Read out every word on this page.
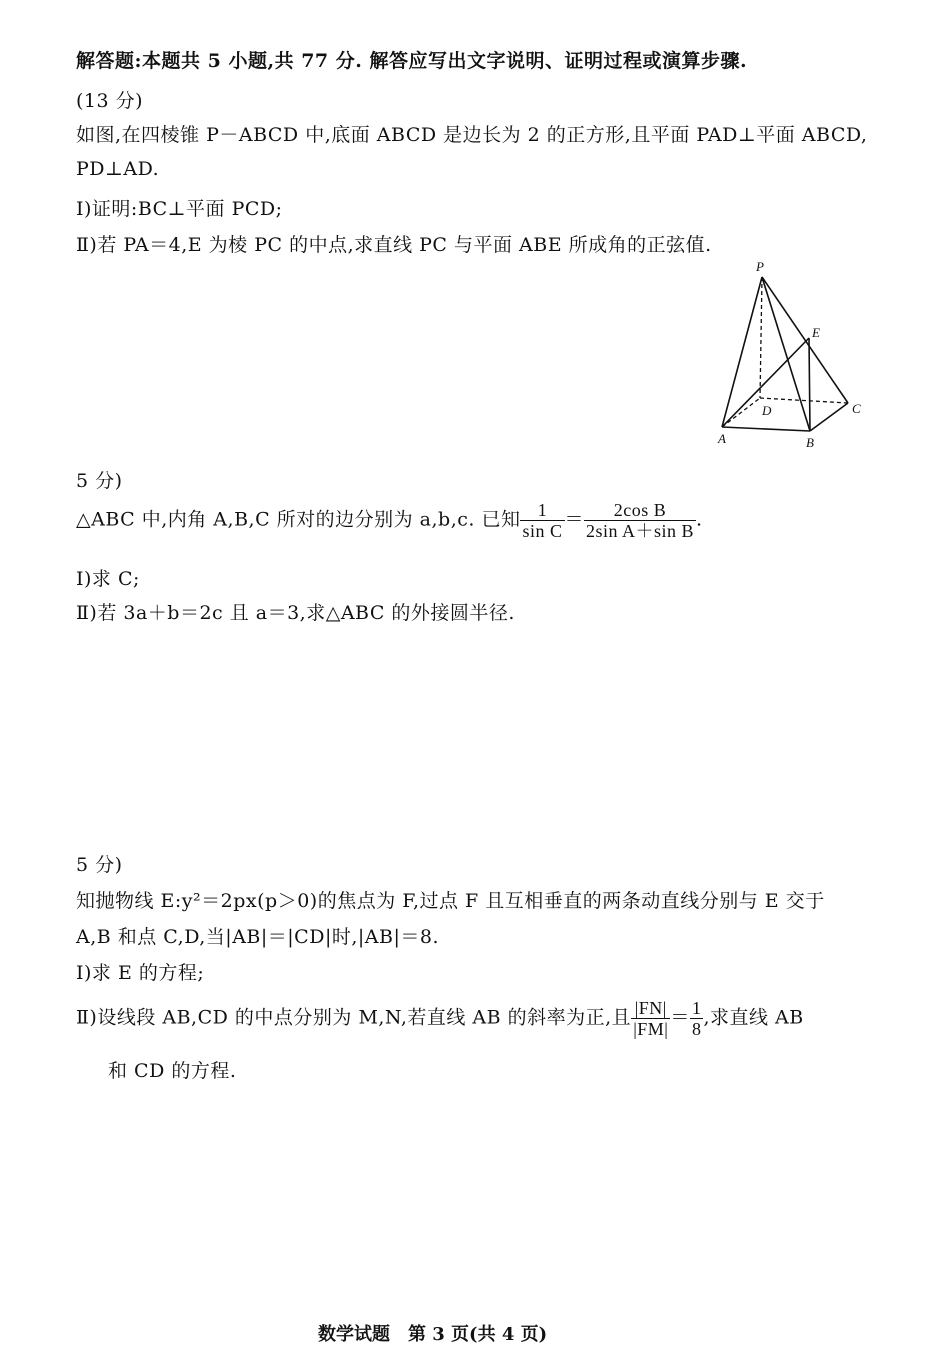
解答题:本题共 5 小题,共 77 分. 解答应写出文字说明、证明过程或演算步骤.
(13 分)
如图,在四棱锥 P－ABCD 中,底面 ABCD 是边长为 2 的正方形,且平面 PAD⊥平面 ABCD,
PD⊥AD.
Ⅰ)证明:BC⊥平面 PCD;
Ⅱ)若 PA＝4,E 为棱 PC 的中点,求直线 PC 与平面 ABE 所成角的正弦值.
P
E
D	C
A	B
5 分)
△ABC 中,内角 A,B,C 所对的边分别为 a,b,c. 已知 $\frac{1}{\text{sin C}} = \frac{\text{2cos B}}{\text{2sin A＋sin B}}$ .
Ⅰ)求 C;
Ⅱ)若 3a＋b＝2c 且 a＝3,求△ABC 的外接圆半径.
5 分)
知抛物线 E:y²＝2px(p＞0)的焦点为 F,过点 F 且互相垂直的两条动直线分别与 E 交于
A,B 和点 C,D,当|AB|＝|CD|时,|AB|＝8.
Ⅰ)求 E 的方程;
Ⅱ)设线段 AB,CD 的中点分别为 M,N,若直线 AB 的斜率为正,且 $\frac{|FN|}{|FM|} = \frac{1}{8}$ ,求直线 AB
和 CD 的方程.
数学试题　第 3 页(共 4 页)
